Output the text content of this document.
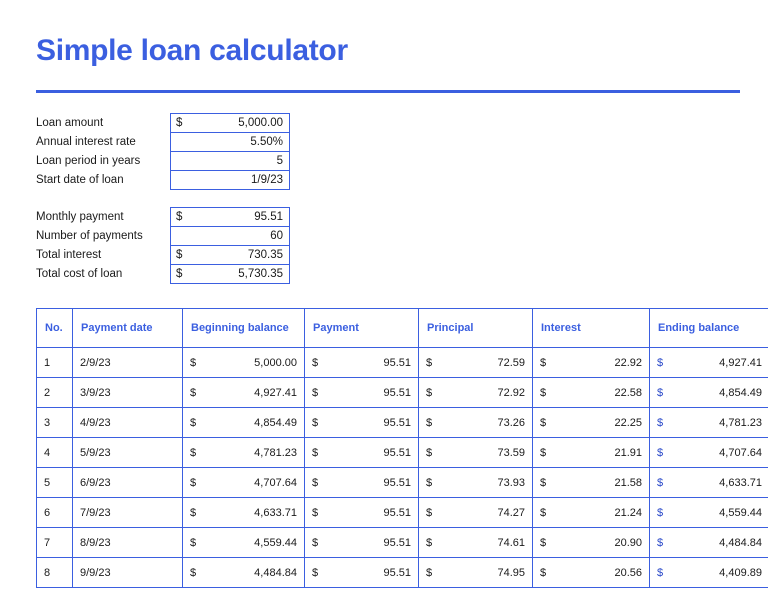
Simple loan calculator
Loan amount	$ 5,000.00

Annual interest rate	5.50%

Loan period in years	5

Start date of loan	1/9/23
Monthly payment	$ 95.51

Number of payments	60

Total interest	$ 730.35

Total cost of loan	$ 5,730.35
No.	Payment date	Beginning balance	Payment	Principal	Interest	Ending balance
1	2/9/23	$ 5,000.00	$ 95.51	$ 72.59	$ 22.92	$ 4,927.41
2	3/9/23	$ 4,927.41	$ 95.51	$ 72.92	$ 22.58	$ 4,854.49
3	4/9/23	$ 4,854.49	$ 95.51	$ 73.26	$ 22.25	$ 4,781.23
4	5/9/23	$ 4,781.23	$ 95.51	$ 73.59	$ 21.91	$ 4,707.64
5	6/9/23	$ 4,707.64	$ 95.51	$ 73.93	$ 21.58	$ 4,633.71
6	7/9/23	$ 4,633.71	$ 95.51	$ 74.27	$ 21.24	$ 4,559.44
7	8/9/23	$ 4,559.44	$ 95.51	$ 74.61	$ 20.90	$ 4,484.84
8	9/9/23	$ 4,484.84	$ 95.51	$ 74.95	$ 20.56	$ 4,409.89
